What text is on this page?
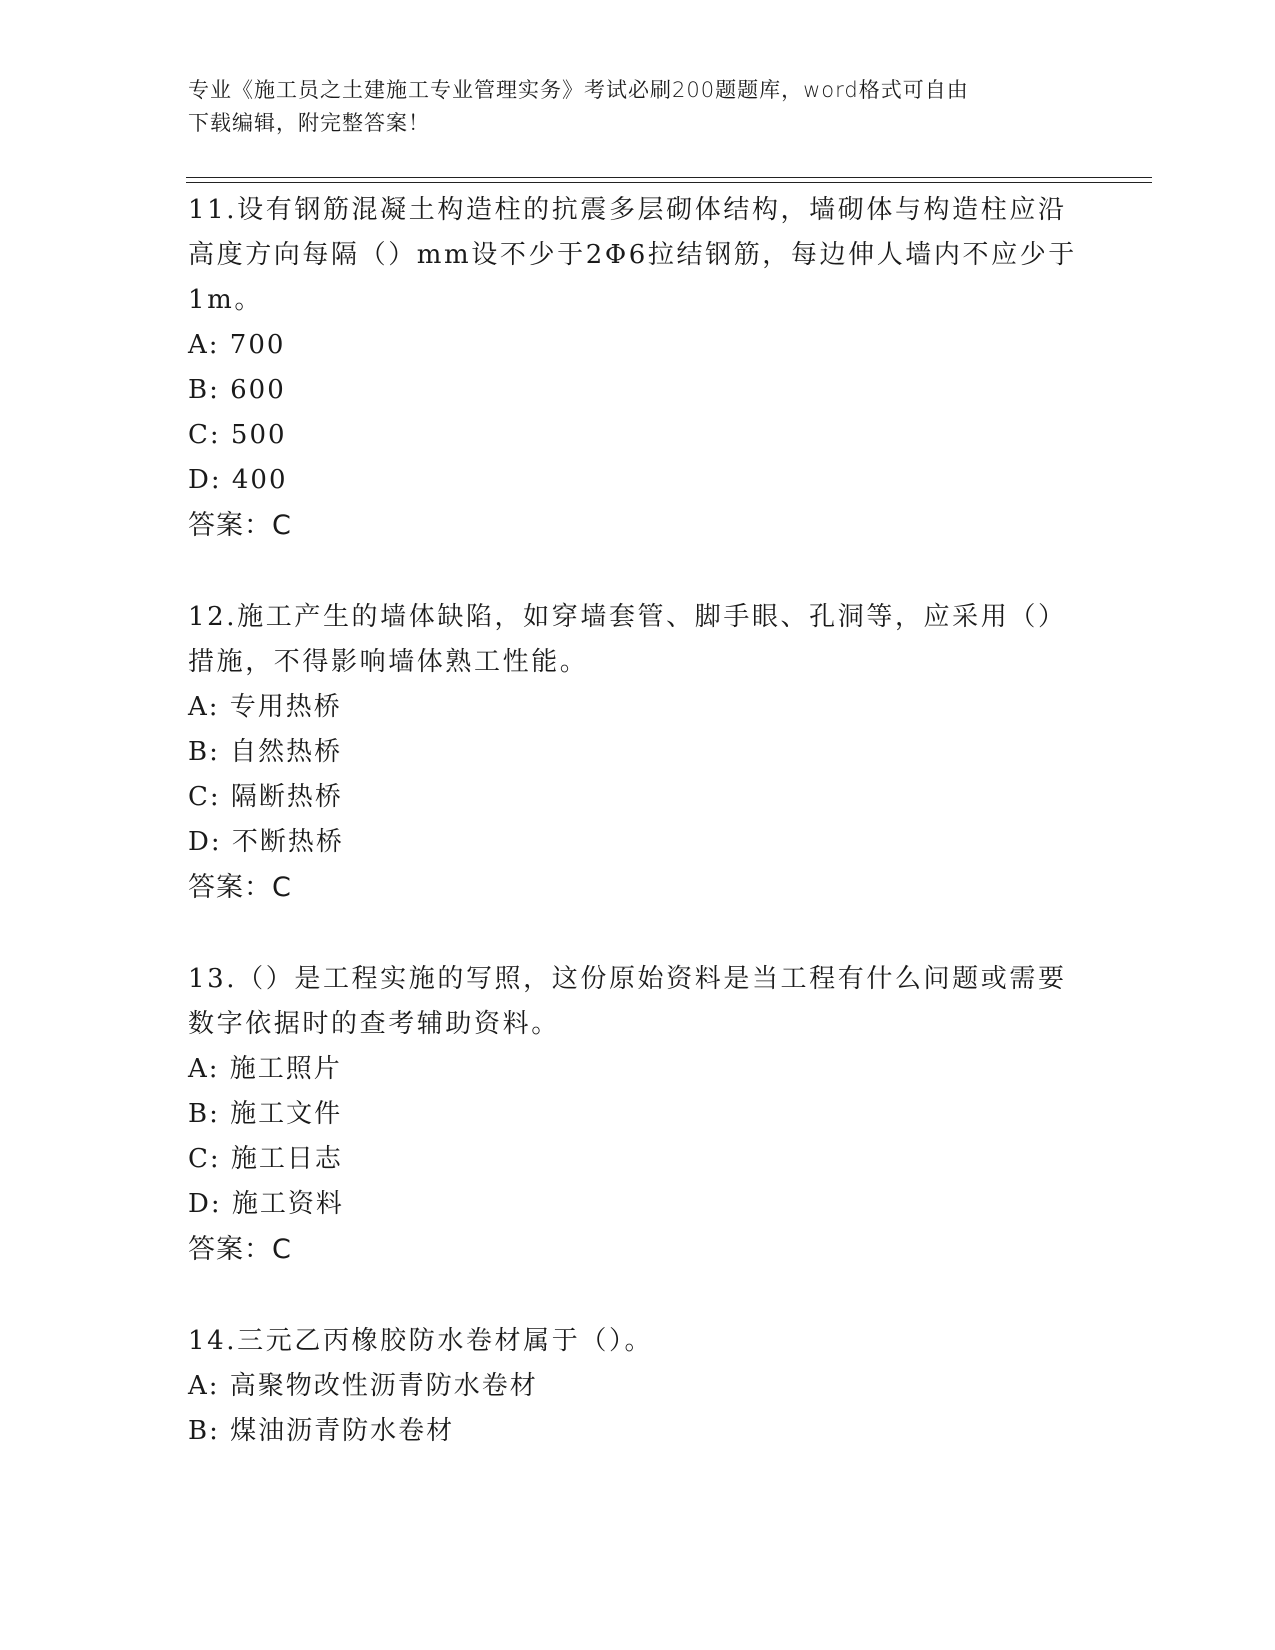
专业《施工员之土建施工专业管理实务》考试必刷200题题库，word格式可自由
下载编辑，附完整答案！

11.设有钢筋混凝土构造柱的抗震多层砌体结构，墙砌体与构造柱应沿

高度方向每隔（）mm设不少于2Φ6拉结钢筋，每边伸人墙内不应少于

1m。

A: 700

B: 600

C: 500

D: 400

答案：C

12.施工产生的墙体缺陷，如穿墙套管、脚手眼、孔洞等，应采用（）

措施，不得影响墙体熟工性能。

A: 专用热桥

B: 自然热桥

C: 隔断热桥

D: 不断热桥

答案：C

13.（）是工程实施的写照，这份原始资料是当工程有什么问题或需要

数字依据时的查考辅助资料。

A: 施工照片

B: 施工文件

C: 施工日志

D: 施工资料

答案：C

14.三元乙丙橡胶防水卷材属于（）。

A: 高聚物改性沥青防水卷材

B: 煤油沥青防水卷材
